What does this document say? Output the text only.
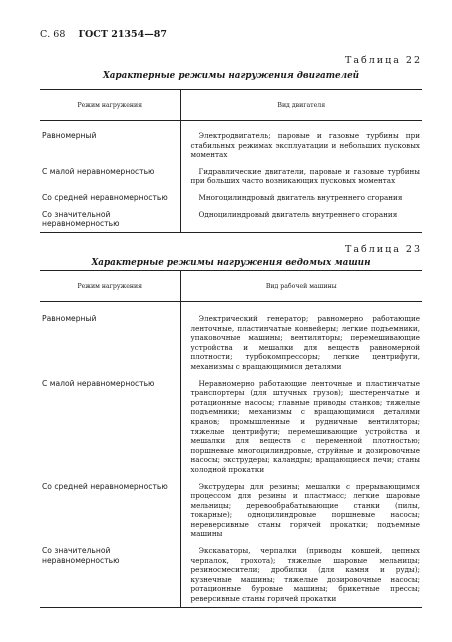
С. 68 ГОСТ 21354—87
Таблица 22
Характерные режимы нагружения двигателей
Режим нагружения	Вид двигателя
Равномерный	Электродвигатель; паровые и газовые турбины при стабильных режимах эксплуатации и небольших пусковых моментах
С малой неравномерностью	Гидравлические двигатели, паровые и газовые турбины при больших часто возникающих пусковых моментах
Со средней неравномерностью	Многоцилиндровый двигатель внутреннего сгорания
Со значительной неравномерностью	Одноцилиндровый двигатель внутреннего сгорания
Таблица 23
Характерные режимы нагружения ведомых машин
Режим нагружения	Вид рабочей машины
Равномерный	Электрический генератор; равномерно работающие ленточные, пластинчатые конвейеры; легкие подъемники, упаковочные машины; вентиляторы; перемешивающие устройства и мешалки для веществ равномерной плотности; турбокомпрессоры; легкие центрифуги, механизмы с вращающимися деталями
С малой неравномерностью	Неравномерно работающие ленточные и пластинчатые транспортеры (для штучных грузов); шестеренчатые и ротационные насосы; главные приводы станков; тяжелые подъемники; механизмы с вращающимися деталями кранов; промышленные и рудничные вентиляторы; тяжелые центрифуги; перемешивающие устройства и мешалки для веществ с переменной плотностью; поршневые многоцилиндровые, струйные и дозировочные насосы; экструдеры; каландры; вращающиеся печи; станы холодной прокатки
Со средней неравномерностью	Экструдеры для резины; мешалки с прерывающимся процессом для резины и пластмасс; легкие шаровые мельницы; деревообрабатывающие станки (пилы, токарные); одноцилиндровые поршневые насосы; нереверсивные станы горячей прокатки; подъемные машины
Со значительной неравномерностью	Экскаваторы, черпалки (приводы ковшей, цепных черпалок, грохота); тяжелые шаровые мельницы; резиносмесители; дробилки (для камня и руды); кузнечные машины; тяжелые дозировочные насосы; ротационные буровые машины; брикетные прессы; реверсивные станы горячей прокатки
